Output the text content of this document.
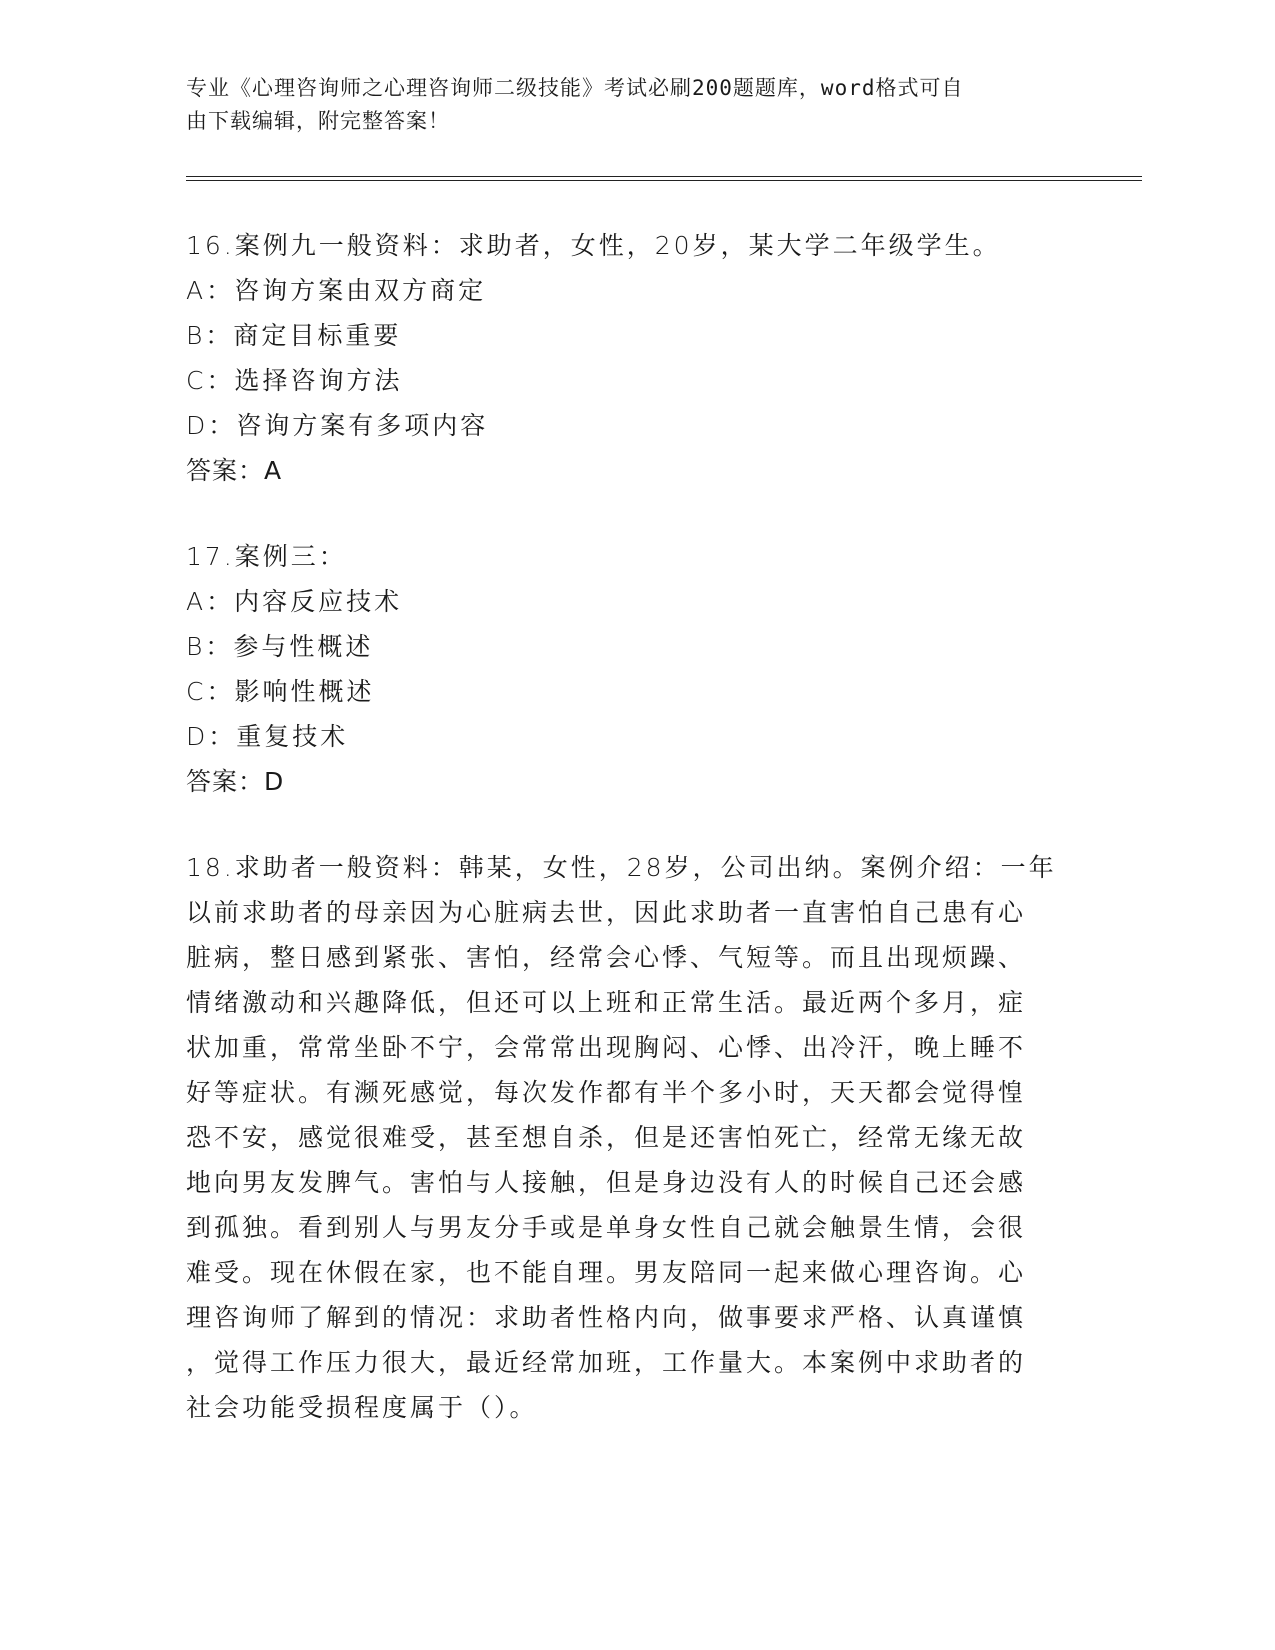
专业《心理咨询师之心理咨询师二级技能》考试必刷200题题库，word格式可自
由下载编辑，附完整答案！
16.案例九一般资料：求助者，女性，20岁，某大学二年级学生。
A：咨询方案由双方商定
B：商定目标重要
C：选择咨询方法
D：咨询方案有多项内容
答案：A
17.案例三：
A：内容反应技术
B：参与性概述
C：影响性概述
D：重复技术
答案：D
18.求助者一般资料：韩某，女性，28岁，公司出纳。案例介绍：一年
以前求助者的母亲因为心脏病去世，因此求助者一直害怕自己患有心
脏病，整日感到紧张、害怕，经常会心悸、气短等。而且出现烦躁、
情绪激动和兴趣降低，但还可以上班和正常生活。最近两个多月，症
状加重，常常坐卧不宁，会常常出现胸闷、心悸、出冷汗，晚上睡不
好等症状。有濒死感觉，每次发作都有半个多小时，天天都会觉得惶
恐不安，感觉很难受，甚至想自杀，但是还害怕死亡，经常无缘无故
地向男友发脾气。害怕与人接触，但是身边没有人的时候自己还会感
到孤独。看到别人与男友分手或是单身女性自己就会触景生情，会很
难受。现在休假在家，也不能自理。男友陪同一起来做心理咨询。心
理咨询师了解到的情况：求助者性格内向，做事要求严格、认真谨慎
，觉得工作压力很大，最近经常加班，工作量大。本案例中求助者的
社会功能受损程度属于（）。
